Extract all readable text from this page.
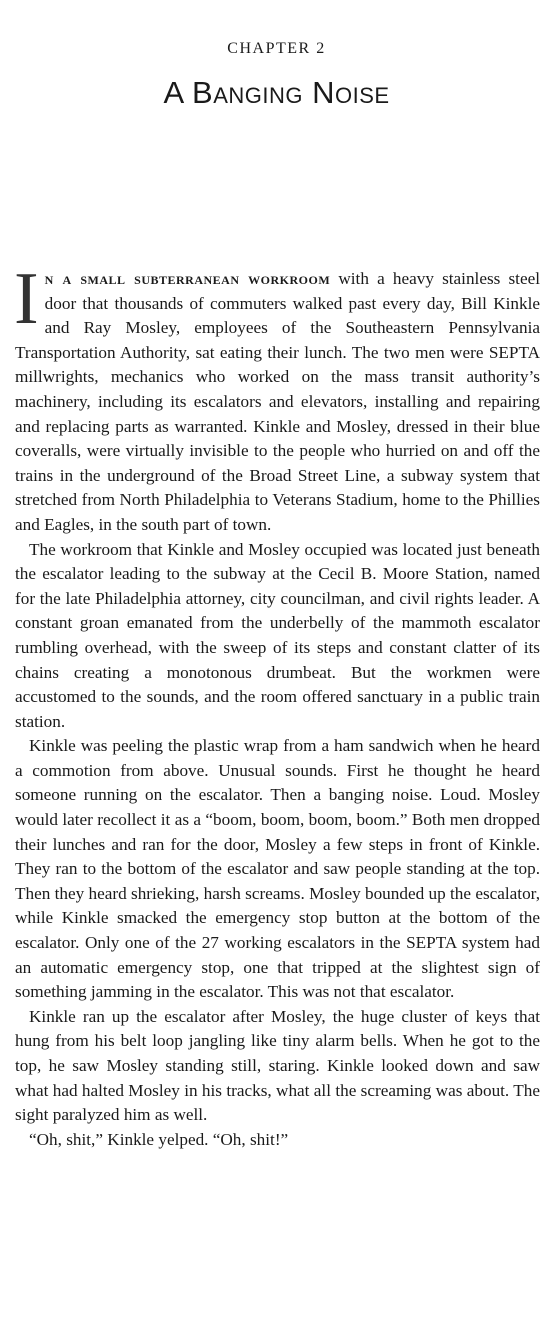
CHAPTER 2
A Banging Noise

In a small subterranean workroom with a heavy stainless steel door that thousands of commuters walked past every day, Bill Kinkle and Ray Mosley, employees of the Southeastern Pennsylvania Transportation Authority, sat eating their lunch. The two men were SEPTA millwrights, mechanics who worked on the mass transit authority’s machinery, including its escalators and elevators, installing and repairing and replacing parts as warranted. Kinkle and Mosley, dressed in their blue coveralls, were virtually invisible to the people who hurried on and off the trains in the underground of the Broad Street Line, a subway system that stretched from North Philadelphia to Veterans Stadium, home to the Phillies and Eagles, in the south part of town.

The workroom that Kinkle and Mosley occupied was located just beneath the escalator leading to the subway at the Cecil B. Moore Station, named for the late Philadelphia attorney, city councilman, and civil rights leader. A constant groan emanated from the underbelly of the mammoth escalator rumbling overhead, with the sweep of its steps and constant clatter of its chains creating a monotonous drumbeat. But the workmen were accustomed to the sounds, and the room offered sanctuary in a public train station.

Kinkle was peeling the plastic wrap from a ham sandwich when he heard a commotion from above. Unusual sounds. First he thought he heard someone running on the escalator. Then a banging noise. Loud. Mosley would later recollect it as a “boom, boom, boom, boom.” Both men dropped their lunches and ran for the door, Mosley a few steps in front of Kinkle. They ran to the bottom of the escalator and saw people standing at the top. Then they heard shrieking, harsh screams. Mosley bounded up the escalator, while Kinkle smacked the emergency stop button at the bottom of the escalator. Only one of the 27 working escalators in the SEPTA system had an automatic emergency stop, one that tripped at the slightest sign of something jamming in the escalator. This was not that escalator.

Kinkle ran up the escalator after Mosley, the huge cluster of keys that hung from his belt loop jangling like tiny alarm bells. When he got to the top, he saw Mosley standing still, staring. Kinkle looked down and saw what had halted Mosley in his tracks, what all the screaming was about. The sight paralyzed him as well.

“Oh, shit,” Kinkle yelped. “Oh, shit!”
